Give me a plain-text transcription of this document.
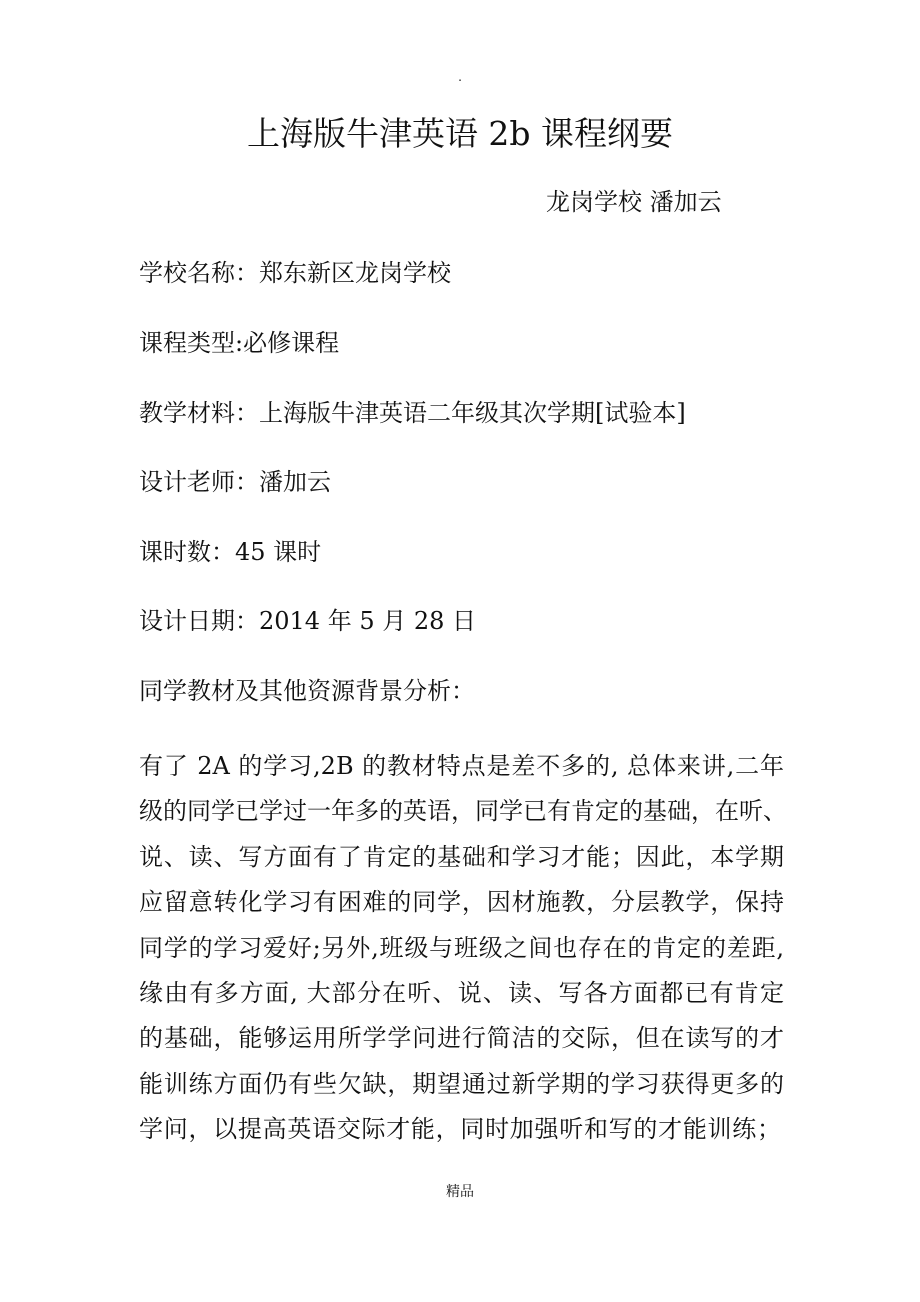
.
上海版牛津英语 2b 课程纲要
龙岗学校 潘加云
学校名称：郑东新区龙岗学校
课程类型:必修课程
教学材料：上海版牛津英语二年级其次学期[试验本]
设计老师：潘加云
课时数：45 课时
设计日期：2014 年 5 月 28 日
同学教材及其他资源背景分析：
有了 2A 的学习,2B 的教材特点是差不多的, 总体来讲,二年
级的同学已学过一年多的英语，同学已有肯定的基础，在听、
说、读、写方面有了肯定的基础和学习才能；因此，本学期
应留意转化学习有困难的同学，因材施教，分层教学，保持
同学的学习爱好;另外,班级与班级之间也存在的肯定的差距,
缘由有多方面, 大部分在听、说、读、写各方面都已有肯定
的基础，能够运用所学学问进行简洁的交际，但在读写的才
能训练方面仍有些欠缺，期望通过新学期的学习获得更多的
学问，以提高英语交际才能，同时加强听和写的才能训练；
精品
